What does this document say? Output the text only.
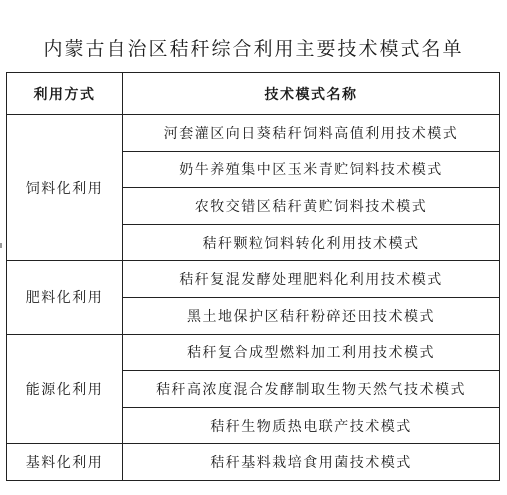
内蒙古自治区秸秆综合利用主要技术模式名单
利用方式	技术模式名称
饲料化利用	河套灌区向日葵秸秆饲料高值利用技术模式
	奶牛养殖集中区玉米青贮饲料技术模式
	农牧交错区秸秆黄贮饲料技术模式
	秸秆颗粒饲料转化利用技术模式
肥料化利用	秸秆复混发酵处理肥料化利用技术模式
	黑土地保护区秸秆粉碎还田技术模式
能源化利用	秸秆复合成型燃料加工利用技术模式
	秸秆高浓度混合发酵制取生物天然气技术模式
	秸秆生物质热电联产技术模式
基料化利用	秸秆基料栽培食用菌技术模式
